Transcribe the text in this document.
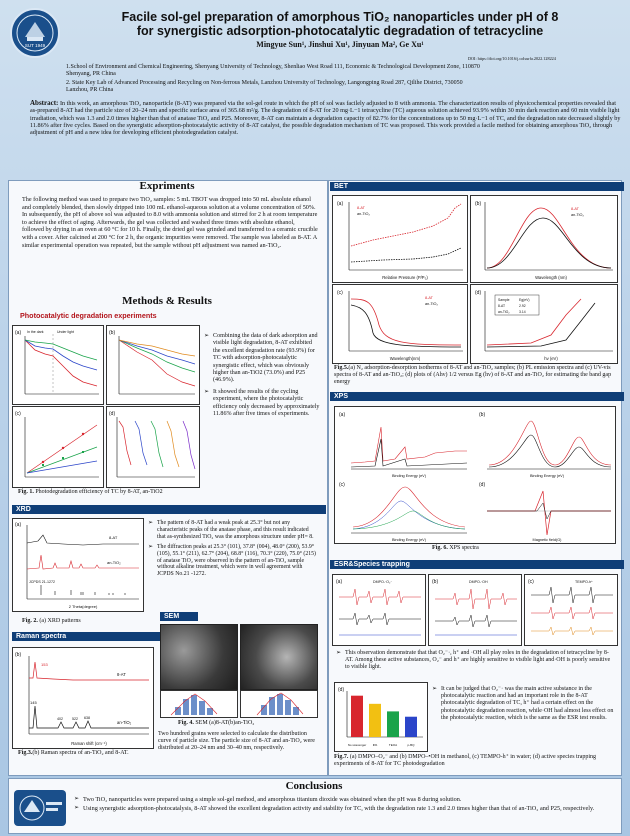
SUT 1949
Facile sol-gel preparation of amorphous TiO₂ nanoparticles under pH of 8
for synergistic adsorption-photocatalytic degradation of tetracycline
Mingyue Sun¹, Jinshui Xu¹, Jinyuan Ma², Ge Xu¹
DOI: https://doi.org/10.1016/j.colsurfa.2022.128224
1.School of Environment and Chemical Engineering, Shenyang University of Technology, Shenliao West Road 111, Economic & Technological Development Zone, 110870 Shenyang, PR China
2. State Key Lab of Advanced Processing and Recycling on Non-ferrous Metals, Lanzhou University of Technology, Langongping Road 287, Qilihe District, 730050 Lanzhou, PR China
Abstract: In this work, an amorphous TiO₂ nanoparticle (8-AT) was prepared via the sol-gel route in which the pH of sol was facilely adjusted to 8 with ammonia. The characterization results of physicochemical properties revealed that as-prepared 8-AT had the particle size of 20–24 nm and specific surface area of 365.68 m²/g. The degradation of 8-AT for 20 mg·L−1 tetracycline (TC) aqueous solution achieved 93.9% within 30 min dark reaction and 60 min visible light irradiation, which was 1.3 and 2.0 times higher than that of anatase TiO₂ and P25. Moreover, 8-AT can maintain a degradation capacity of 82.7% for the concentrations up to 50 mg·L−1 of TC, and the degradation rate decreased slightly by 11.86% after five cycles. Based on the synergistic adsorption-photocatalytic activity of 8-AT catalyst, the possible degradation mechanism of TC was proposed. This work provided a facile method for obtaining amorphous TiO₂ through adjustment of pH and a new idea for developing efficient photodegradation catalyst.
Expriments
The following method was used to prepare two TiO₂ samples: 5 mL TBOT was dropped into 50 mL absolute ethanol and completely blended, then slowly dripped into 100 mL ethanol-aqueous solution at a volume concentration of 50%. In subsequently, the pH of above sol was adjusted to 8.0 with ammonia solution and stirred for 2 h at room temperature to achieve the effect of aging. Afterwards, the gel was collected and washed three times with absolute ethanol, followed by drying in an oven at 60 °C for 10 h. Finally, the dried gel was grinded and transferred to a ceramic crucible with a cover. After calcined at 200 °C for 2 h, the organic impurities were removed. The sample was labeled as 8-AT. A similar experimental operation was repeated, but the sample without pH adjustment was named an-TiO₂.
Methods & Results
Photocatalytic degradation experiments
(a) In the dark	Under light	(b)
(c)	(d)
➢ Combining the data of dark adsorption and visible light degradation, 8-AT exhibited the excellent degradation rate (93.9%) for TC with adsorption-photocatalytic synergistic effect, which was obviously higher than an-TiO2 (73.0%) and P25 (46.9%).
➢ It showed the results of the cycling experiment, where the photocatalytic efficiency only decreased by approximately 11.86% after five times of experiments.
Fig. 1. Photodegradation efficiency of TC by 8-AT, an-TiO2
XRD
(a)
8-AT
an-TiO₂
JCPDS 21-1272
2 Theta(degree)
➢ The pattern of 8-AT had a weak peak at 25.3° but not any characteristic peaks of the anatase phase, and this result indicated that as-synthesized TiO₂ was the amorphous structure under pH= 8.
➢ The diffraction peaks at 25.3° (101), 37.8° (004), 48.0° (200), 53.9° (105), 55.1° (211), 62.7° (204), 68.8° (116), 70.3° (220), 75.0° (215) of anatase TiO₂ were observed in the pattern of an-TiO₂ sample without alkaline treatment, which were in well agreement with JCPDS No.21 -1272.
Fig. 2. (a) XRD patterns
Raman spectra
(b)
153
8-AT
145
402	522 638
an-TiO₂
Raman shift (cm⁻¹)
Fig.3.(b) Raman spectra of an-TiO₂ and 8-AT.
SEM
Fig. 4. SEM (a)8-AT(b)an-TiO₂
Two hundred grains were selected to calculate the distribution curve of particle size. The particle size of 8-AT and an-TiO₂ were distributed at 20–24 nm and 30–40 nm, respectively.
BET
(a)
8-AT
an-TiO₂
Relative Pressure (P/P₀)
(b)
8-AT
an-TiO₂
Wavelength (nm)
(c)
8-AT
an-TiO₂
Wavelength(nm)
(d)
Sample	Eg(eV)
8-AT	2.92
an-TiO₂	3.14
hν (eV)
Fig.5.(a) N₂ adsorption-desorption isotherms of 8-AT and an-TiO₂ samples; (b) PL emission spectra and (c) UV-vis spectra of 8-AT and an-TiO₂; (d) plots of (Ahν) 1/2 versus Eg (hν) of 8-AT and an-TiO₂ for estimating the band gap energy
XPS
(a)
Binding Energy (eV)
(b)
Binding Energy (eV)
(c)
Binding Energy (eV)
(d)
Magnetic field(G)
Fig. 6. XPS spectra
ESR&Species trapping
(a)	DMPO-·O₂⁻	(b)	DMPO-·OH	(c)	TEMPO-h⁺
➢ This observation demonstrate that that O₂⁻·, h⁺ and ·OH all play roles in the degradation of tetracycline by 8-AT. Among these active substances, O₂⁻ and h⁺ are highly sensitive to visible light and·OH is poorly sensitive to visible light.
(d)
No scavenger IPA	TEOA	p-BQ
➢ It can be judged that O₂⁻· was the main active substance in the photocatalytic reaction and had an important role in the 8-AT photocatalytic degradation of TC, h⁺ had a certain effect on the photocatalytic degradation reaction, while·OH had almost less effect on the photocatalytic reaction, which is the same as the ESR test results.
Fig.7. (a) DMPO–O₂⁻ and (b) DMPO–•OH in methanol, (c) TEMPO-h⁺ in water; (d) active species trapping experiments of 8-AT for TC photodegradation
Conclusions
➢ Two TiO₂ nanoparticles were prepared using a simple sol-gel method, and amorphous titanium dioxide was obtained when the pH was 8 during solution.
➢ Using synergistic adsorption-photocatalysis, 8-AT showed the excellent degradation activity and stability for TC, with the degradation rate 1.3 and 2.0 times higher than that of an-TiO₂ and P25, respectively.
